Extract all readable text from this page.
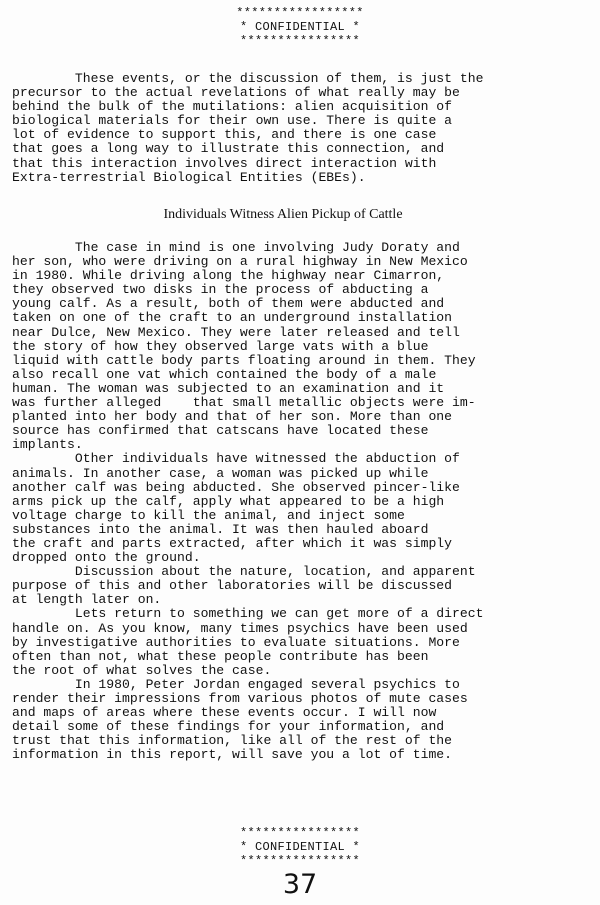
*****************
* CONFIDENTIAL *
****************
These events, or the discussion of them, is just the
precursor to the actual revelations of what really may be
behind the bulk of the mutilations: alien acquisition of
biological materials for their own use. There is quite a
lot of evidence to support this, and there is one case
that goes a long way to illustrate this connection, and
that this interaction involves direct interaction with
Extra-terrestrial Biological Entities (EBEs).
Individuals Witness Alien Pickup of Cattle
The case in mind is one involving Judy Doraty and
her son, who were driving on a rural highway in New Mexico
in 1980. While driving along the highway near Cimarron,
they observed two disks in the process of abducting a
young calf. As a result, both of them were abducted and
taken on one of the craft to an underground installation
near Dulce, New Mexico. They were later released and tell
the story of how they observed large vats with a blue
liquid with cattle body parts floating around in them. They
also recall one vat which contained the body of a male
human. The woman was subjected to an examination and it
was further alleged    that small metallic objects were im-
planted into her body and that of her son. More than one
source has confirmed that catscans have located these
implants.
Other individuals have witnessed the abduction of
animals. In another case, a woman was picked up while
another calf was being abducted. She observed pincer-like
arms pick up the calf, apply what appeared to be a high
voltage charge to kill the animal, and inject some
substances into the animal. It was then hauled aboard
the craft and parts extracted, after which it was simply
dropped onto the ground.
Discussion about the nature, location, and apparent
purpose of this and other laboratories will be discussed
at length later on.
Lets return to something we can get more of a direct
handle on. As you know, many times psychics have been used
by investigative authorities to evaluate situations. More
often than not, what these people contribute has been
the root of what solves the case.
In 1980, Peter Jordan engaged several psychics to
render their impressions from various photos of mute cases
and maps of areas where these events occur. I will now
detail some of these findings for your information, and
trust that this information, like all of the rest of the
information in this report, will save you a lot of time.
****************
* CONFIDENTIAL *
****************
37
